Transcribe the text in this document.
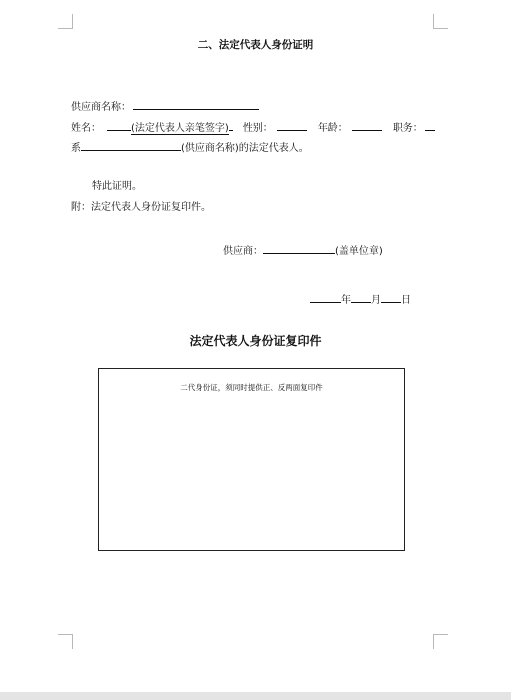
二、法定代表人身份证明
供应商名称：
姓名：	(法定代表人亲笔签字) 性别：	年龄：	职务：
系	(供应商名称)的法定代表人。
特此证明。
附：法定代表人身份证复印件。
供应商：	(盖单位章)
年 月 日
法定代表人身份证复印件
二代身份证，须同时提供正、反两面复印件
